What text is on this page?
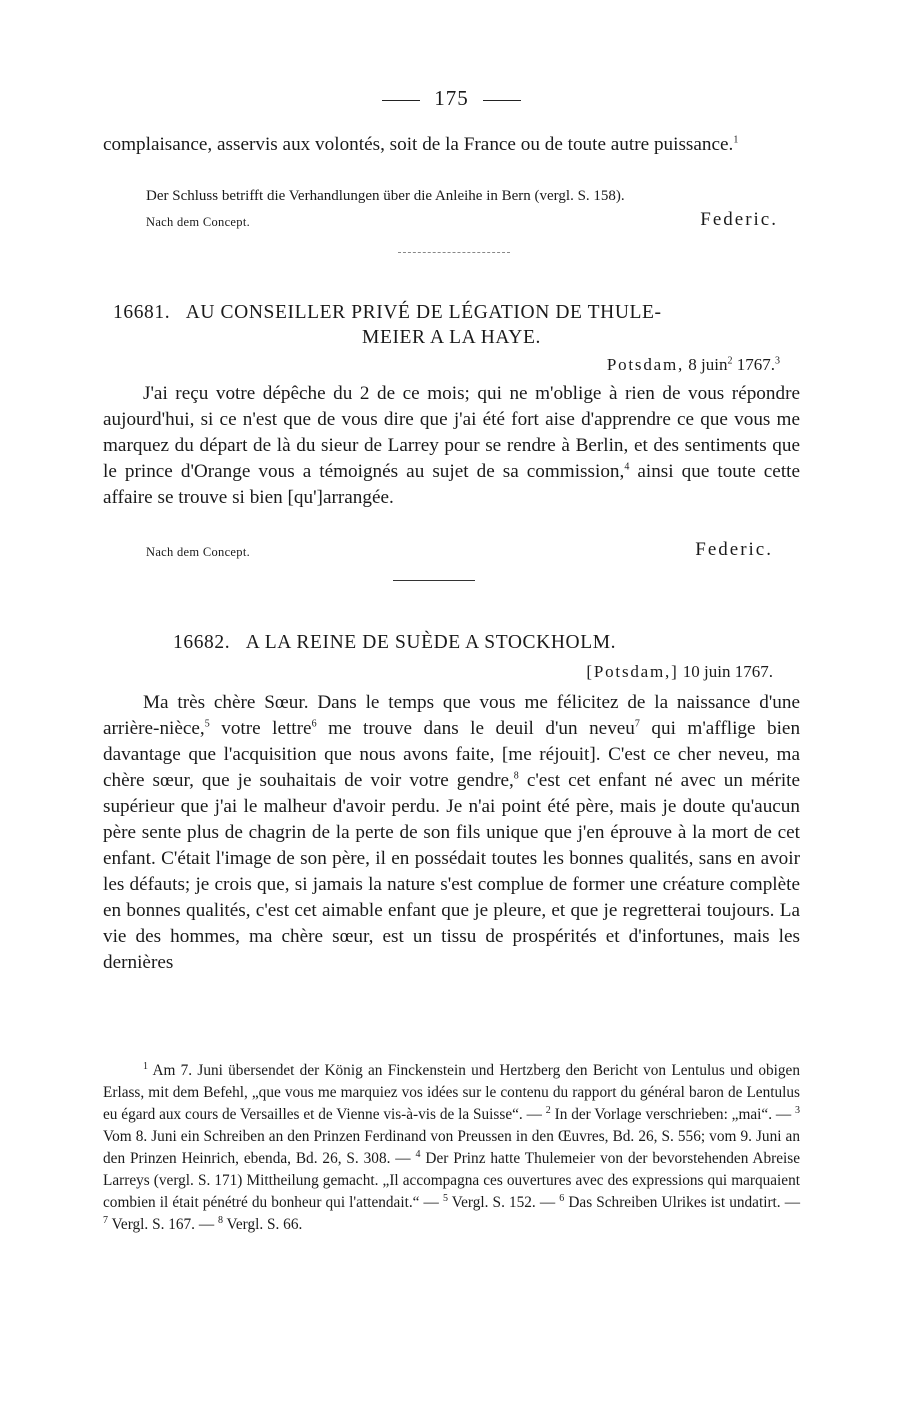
175

complaisance, asservis aux volontés, soit de la France ou de toute autre puissance.$^1$

Der Schluss betrifft die Verhandlungen über die Anleihe in Bern (vergl. S. 158).
Nach dem Concept.	Federic.
16681. AU CONSEILLER PRIVÉ DE LÉGATION DE THULE-
MEIER A LA HAYE.
Potsdam, 8 juin$^2$ 1767.$^3$

J'ai reçu votre dépêche du 2 de ce mois; qui ne m'oblige à rien de vous répondre aujourd'hui, si ce n'est que de vous dire que j'ai été fort aise d'apprendre ce que vous me marquez du départ de là du sieur de Larrey pour se rendre à Berlin, et des sentiments que le prince d'Orange vous a témoignés au sujet de sa commission,$^4$ ainsi que toute cette affaire se trouve si bien [qu']arrangée.

Nach dem Concept.	Federic.
16682. A LA REINE DE SUÈDE A STOCKHOLM.
[Potsdam,] 10 juin 1767.

Ma très chère Sœur. Dans le temps que vous me félicitez de la naissance d'une arrière-nièce,$^5$ votre lettre$^6$ me trouve dans le deuil d'un neveu$^7$ qui m'afflige bien davantage que l'acquisition que nous avons faite, [me réjouit]. C'est ce cher neveu, ma chère sœur, que je souhaitais de voir votre gendre,$^8$ c'est cet enfant né avec un mérite supérieur que j'ai le malheur d'avoir perdu. Je n'ai point été père, mais je doute qu'aucun père sente plus de chagrin de la perte de son fils unique que j'en éprouve à la mort de cet enfant. C'était l'image de son père, il en possédait toutes les bonnes qualités, sans en avoir les défauts; je crois que, si jamais la nature s'est complue de former une créature complète en bonnes qualités, c'est cet aimable enfant que je pleure, et que je regretterai toujours. La vie des hommes, ma chère sœur, est un tissu de prospérités et d'infortunes, mais les dernières

$^1$ Am 7. Juni übersendet der König an Finckenstein und Hertzberg den Bericht von Lentulus und obigen Erlass, mit dem Befehl, „que vous me marquiez vos idées sur le contenu du rapport du général baron de Lentulus eu égard aux cours de Versailles et de Vienne vis-à-vis de la Suisse“. — $^2$ In der Vorlage verschrieben: „mai“. — $^3$ Vom 8. Juni ein Schreiben an den Prinzen Ferdinand von Preussen in den Œuvres, Bd. 26, S. 556; vom 9. Juni an den Prinzen Heinrich, ebenda, Bd. 26, S. 308. — $^4$ Der Prinz hatte Thulemeier von der bevorstehenden Abreise Larreys (vergl. S. 171) Mittheilung gemacht. „Il accompagna ces ouvertures avec des expressions qui marquaient combien il était pénétré du bonheur qui l'attendait.“ — $^5$ Vergl. S. 152. — $^6$ Das Schreiben Ulrikes ist undatirt. — $^7$ Vergl. S. 167. — $^8$ Vergl. S. 66.
